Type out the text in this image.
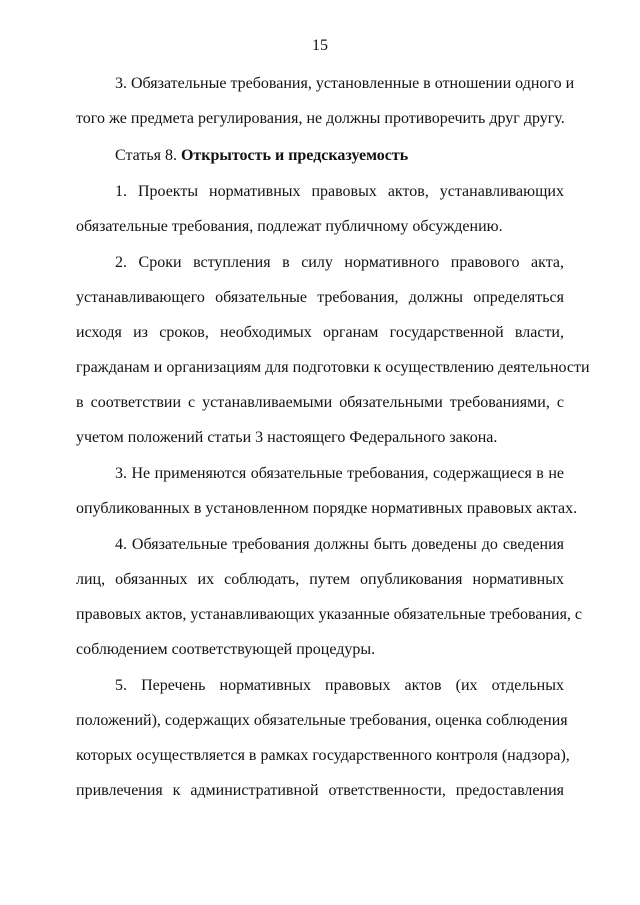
15
3. Обязательные требования, установленные в отношении одного и
того же предмета регулирования, не должны противоречить друг другу.
Статья 8. Открытость и предсказуемость
1. Проекты нормативных правовых актов, устанавливающих
обязательные требования, подлежат публичному обсуждению.
2. Сроки вступления в силу нормативного правового акта,
устанавливающего обязательные требования, должны определяться
исходя из сроков, необходимых органам государственной власти,
гражданам и организациям для подготовки к осуществлению деятельности
в соответствии с устанавливаемыми обязательными требованиями, с
учетом положений статьи 3 настоящего Федерального закона.
3. Не применяются обязательные требования, содержащиеся в не
опубликованных в установленном порядке нормативных правовых актах.
4. Обязательные требования должны быть доведены до сведения
лиц, обязанных их соблюдать, путем опубликования нормативных
правовых актов, устанавливающих указанные обязательные требования, с
соблюдением соответствующей процедуры.
5. Перечень нормативных правовых актов (их отдельных
положений), содержащих обязательные требования, оценка соблюдения
которых осуществляется в рамках государственного контроля (надзора),
привлечения к административной ответственности, предоставления
